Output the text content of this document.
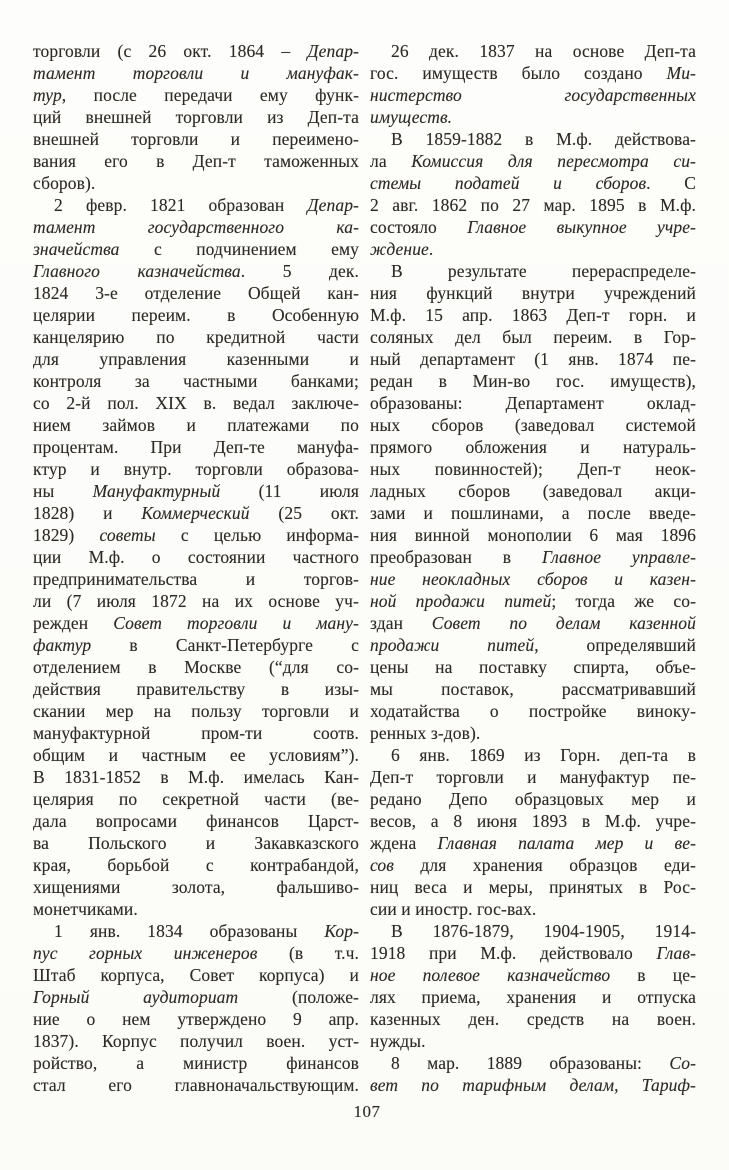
торговли (с 26 окт. 1864 – Депар-
тамент торговли и мануфак-
тур, после передачи ему функ-
ций внешней торговли из Деп-та
внешней торговли и переимено-
вания его в Деп-т таможенных
сборов).
2 февр. 1821 образован Депар-
тамент государственного ка-
значейства с подчинением ему
Главного казначейства. 5 дек.
1824 3-е отделение Общей кан-
целярии переим. в Особенную
канцелярию по кредитной части
для управления казенными и
контроля за частными банками;
со 2-й пол. XIX в. ведал заключе-
нием займов и платежами по
процентам. При Деп-те мануфа-
ктур и внутр. торговли образова-
ны Мануфактурный (11 июля
1828) и Коммерческий (25 окт.
1829) советы с целью информа-
ции М.ф. о состоянии частного
предпринимательства и торгов-
ли (7 июля 1872 на их основе уч-
режден Совет торговли и ману-
фактур в Санкт-Петербурге с
отделением в Москве (“для со-
действия правительству в изы-
скании мер на пользу торговли и
мануфактурной пром-ти соотв.
общим и частным ее условиям”).
В 1831-1852 в М.ф. имелась Кан-
целярия по секретной части (ве-
дала вопросами финансов Царст-
ва Польского и Закавказского
края, борьбой с контрабандой,
хищениями золота, фальшиво-
монетчиками.
1 янв. 1834 образованы Кор-
пус горных инженеров (в т.ч.
Штаб корпуса, Совет корпуса) и
Горный аудиториат (положе-
ние о нем утверждено 9 апр.
1837). Корпус получил воен. уст-
ройство, а министр финансов
стал его главноначальствующим.
26 дек. 1837 на основе Деп-та
гос. имуществ было создано Ми-
нистерство государственных
имуществ.
В 1859-1882 в М.ф. действова-
ла Комиссия для пересмотра си-
стемы податей и сборов. С
2 авг. 1862 по 27 мар. 1895 в М.ф.
состояло Главное выкупное учре-
ждение.
В результате перераспределе-
ния функций внутри учреждений
М.ф. 15 апр. 1863 Деп-т горн. и
соляных дел был переим. в Гор-
ный департамент (1 янв. 1874 пе-
редан в Мин-во гос. имуществ),
образованы: Департамент оклад-
ных сборов (заведовал системой
прямого обложения и натураль-
ных повинностей); Деп-т неок-
ладных сборов (заведовал акци-
зами и пошлинами, а после введе-
ния винной монополии 6 мая 1896
преобразован в Главное управле-
ние неокладных сборов и казен-
ной продажи питей; тогда же со-
здан Совет по делам казенной
продажи питей, определявший
цены на поставку спирта, объе-
мы поставок, рассматривавший
ходатайства о постройке виноку-
ренных з-дов).
6 янв. 1869 из Горн. деп-та в
Деп-т торговли и мануфактур пе-
редано Депо образцовых мер и
весов, а 8 июня 1893 в М.ф. учре-
ждена Главная палата мер и ве-
сов для хранения образцов еди-
ниц веса и меры, принятых в Рос-
сии и иностр. гос-вах.
В 1876-1879, 1904-1905, 1914-
1918 при М.ф. действовало Глав-
ное полевое казначейство в це-
лях приема, хранения и отпуска
казенных ден. средств на воен.
нужды.
8 мар. 1889 образованы: Со-
вет по тарифным делам, Тариф-
107
